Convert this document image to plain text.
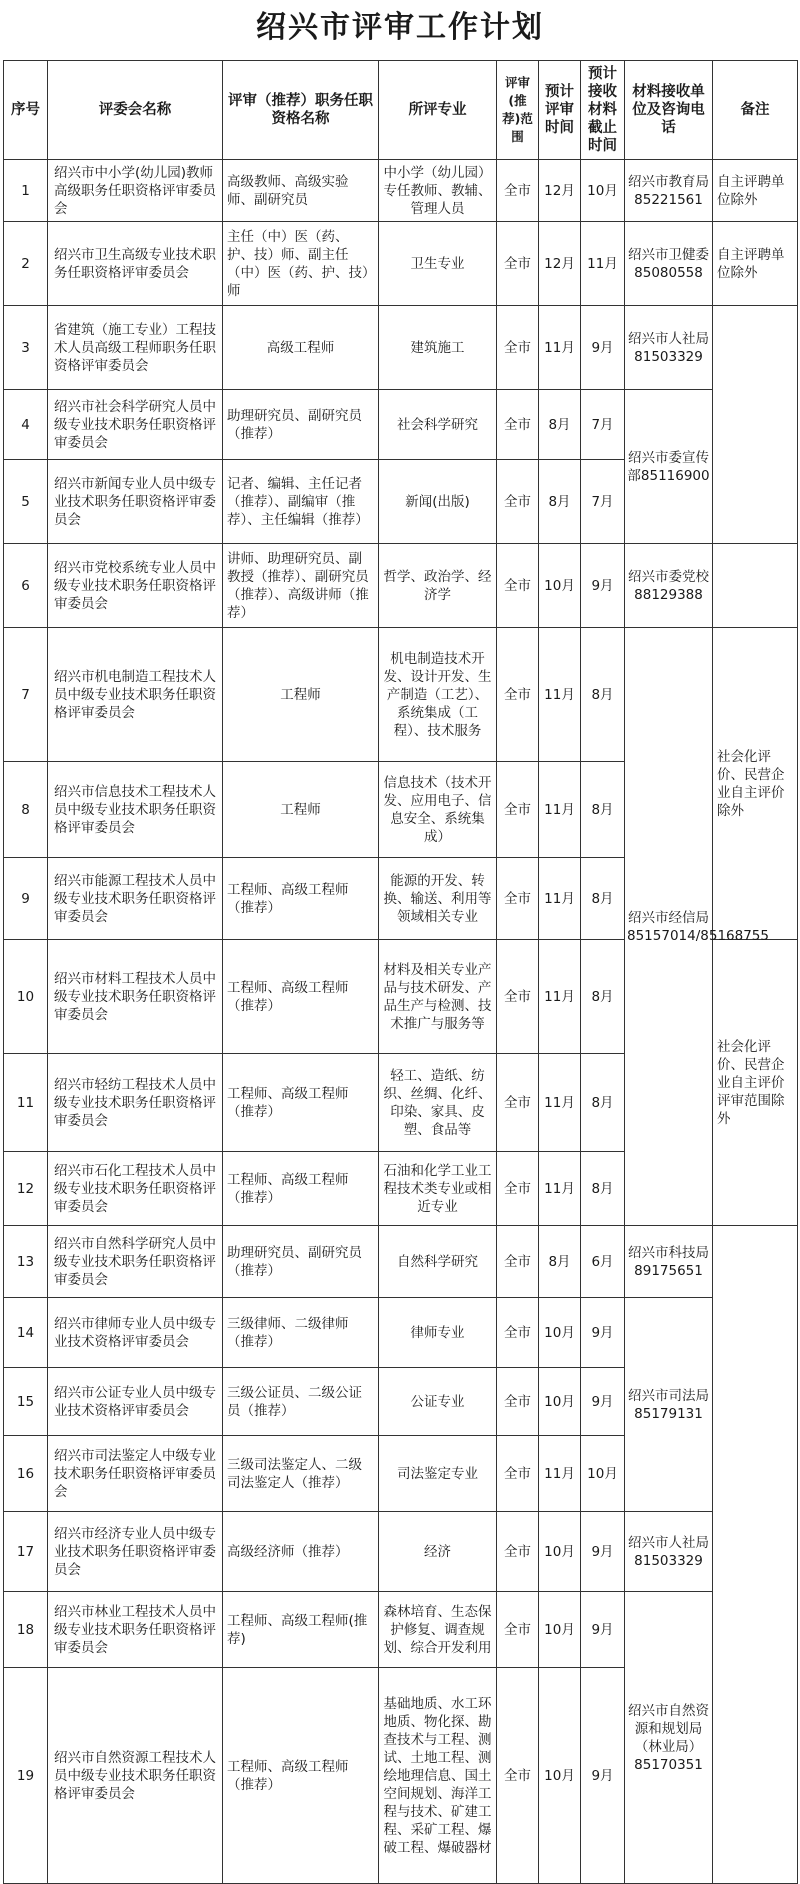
绍兴市评审工作计划
序号	评委会名称	评审（推荐）职务任职资格名称	所评专业	评审(推荐)范围	预计评审时间	预计接收材料截止时间	材料接收单位及咨询电话	备注
1	绍兴市中小学(幼儿园)教师高级职务任职资格评审委员会	高级教师、高级实验师、副研究员	中小学（幼儿园）专任教师、教辅、管理人员	全市	12月	10月	绍兴市教育局85221561	自主评聘单位除外
2	绍兴市卫生高级专业技术职务任职资格评审委员会	主任（中）医（药、护、技）师、副主任（中）医（药、护、技）师	卫生专业	全市	12月	11月	绍兴市卫健委85080558	自主评聘单位除外
3	省建筑（施工专业）工程技术人员高级工程师职务任职资格评审委员会	高级工程师	建筑施工	全市	11月	9月	绍兴市人社局81503329	
4	绍兴市社会科学研究人员中级专业技术职务任职资格评审委员会	助理研究员、副研究员（推荐）	社会科学研究	全市	8月	7月	绍兴市委宣传部85116900	
5	绍兴市新闻专业人员中级专业技术职务任职资格评审委员会	记者、编辑、主任记者（推荐）、副编审（推荐）、主任编辑（推荐）	新闻(出版)	全市	8月	7月		
6	绍兴市党校系统专业人员中级专业技术职务任职资格评审委员会	讲师、助理研究员、副教授（推荐）、副研究员（推荐）、高级讲师（推荐）	哲学、政治学、经济学	全市	10月	9月	绍兴市委党校88129388	
7	绍兴市机电制造工程技术人员中级专业技术职务任职资格评审委员会	工程师	机电制造技术开发、设计开发、生产制造（工艺）、系统集成（工程）、技术服务	全市	11月	8月	绍兴市经信局85157014/85168755	社会化评价、民营企业自主评价除外
8	绍兴市信息技术工程技术人员中级专业技术职务任职资格评审委员会	工程师	信息技术（技术开发、应用电子、信息安全、系统集成）	全市	11月	8月		
9	绍兴市能源工程技术人员中级专业技术职务任职资格评审委员会	工程师、高级工程师（推荐）	能源的开发、转换、输送、利用等领域相关专业	全市	11月	8月		
10	绍兴市材料工程技术人员中级专业技术职务任职资格评审委员会	工程师、高级工程师（推荐）	材料及相关专业产品与技术研发、产品生产与检测、技术推广与服务等	全市	11月	8月		社会化评价、民营企业自主评价评审范围除外
11	绍兴市轻纺工程技术人员中级专业技术职务任职资格评审委员会	工程师、高级工程师（推荐）	轻工、造纸、纺织、丝绸、化纤、印染、家具、皮塑、食品等	全市	11月	8月		
12	绍兴市石化工程技术人员中级专业技术职务任职资格评审委员会	工程师、高级工程师（推荐）	石油和化学工业工程技术类专业或相近专业	全市	11月	8月		
13	绍兴市自然科学研究人员中级专业技术职务任职资格评审委员会	助理研究员、副研究员（推荐）	自然科学研究	全市	8月	6月	绍兴市科技局89175651	
14	绍兴市律师专业人员中级专业技术资格评审委员会	三级律师、二级律师（推荐）	律师专业	全市	10月	9月	绍兴市司法局85179131	
15	绍兴市公证专业人员中级专业技术资格评审委员会	三级公证员、二级公证员（推荐）	公证专业	全市	10月	9月		
16	绍兴市司法鉴定人中级专业技术职务任职资格评审委员会	三级司法鉴定人、二级司法鉴定人（推荐）	司法鉴定专业	全市	11月	10月		
17	绍兴市经济专业人员中级专业技术职务任职资格评审委员会	高级经济师（推荐）	经济	全市	10月	9月	绍兴市人社局81503329	
18	绍兴市林业工程技术人员中级专业技术职务任职资格评审委员会	工程师、高级工程师(推荐)	森林培育、生态保护修复、调查规划、综合开发利用	全市	10月	9月	绍兴市自然资源和规划局（林业局）85170351	
19	绍兴市自然资源工程技术人员中级专业技术职务任职资格评审委员会	工程师、高级工程师（推荐）	基础地质、水工环地质、物化探、勘查技术与工程、测试、土地工程、测绘地理信息、国土空间规划、海洋工程与技术、矿建工程、采矿工程、爆破工程、爆破器材	全市	10月	9月		
